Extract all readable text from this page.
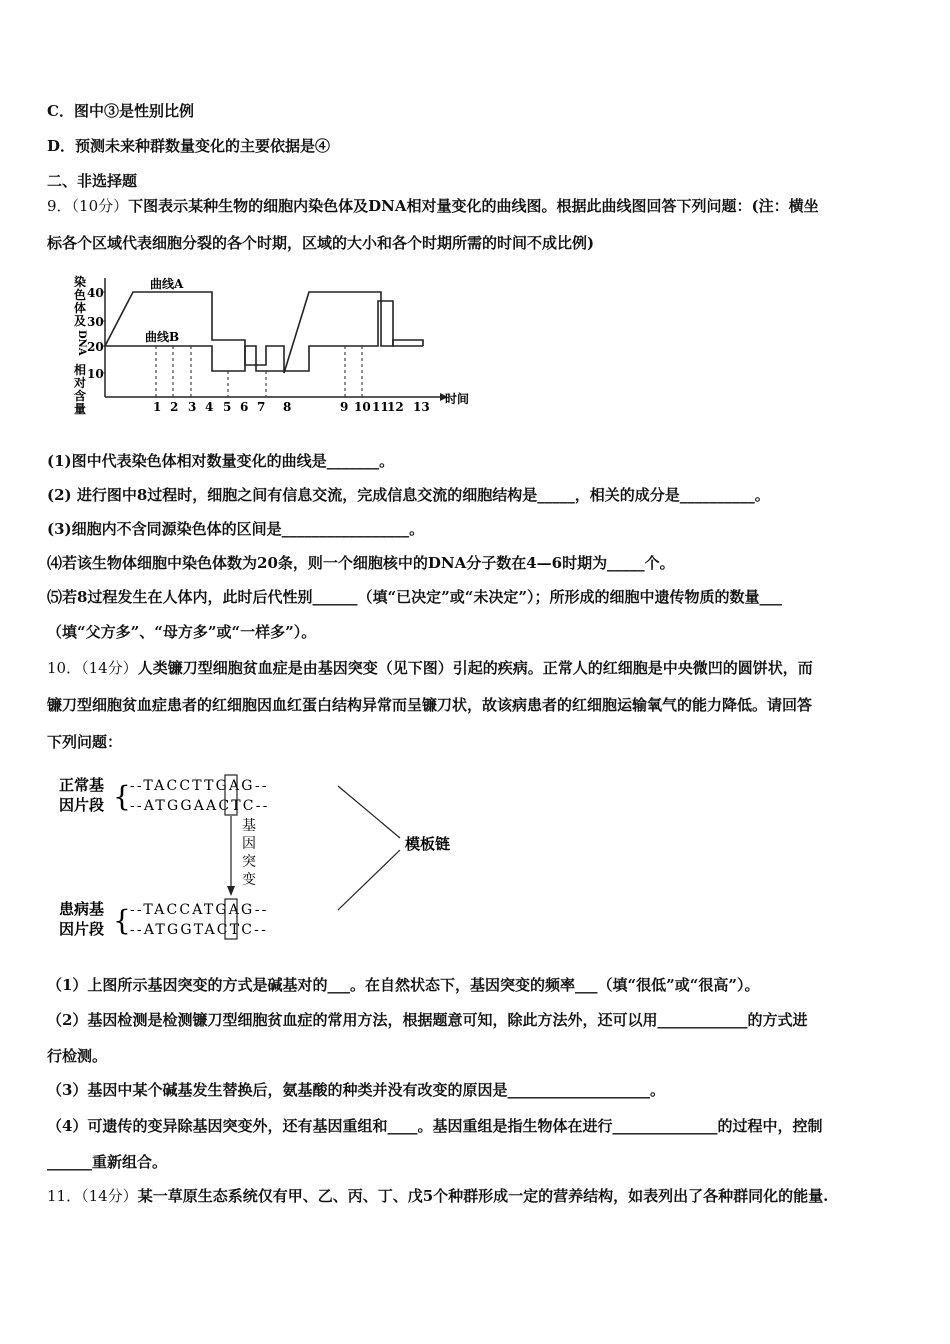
C．图中③是性别比例
D．预测未来种群数量变化的主要依据是④
二、非选择题
9．（10分）下图表示某种生物的细胞内染色体及DNA相对量变化的曲线图。根据此曲线图回答下列问题：(注：横坐
标各个区域代表细胞分裂的各个时期，区域的大小和各个时期所需的时间不成比例)
染
色
体
及
DNA
相
对
含
量
40
30
20
10
曲线A
曲线B
1 2 3 4 5 6 7 8	9 10 11
12 13
时间
(1)图中代表染色体相对数量变化的曲线是_______。
(2) 进行图中8过程时，细胞之间有信息交流，完成信息交流的细胞结构是_____，相关的成分是__________。
(3)细胞内不含同源染色体的区间是_________________。
⑷若该生物体细胞中染色体数为20条，则一个细胞核中的DNA分子数在4—6时期为_____个。
⑸若8过程发生在人体内，此时后代性别______（填“已决定”或“未决定”）；所形成的细胞中遗传物质的数量___
（填“父方多”、“母方多”或“一样多”）。
10．（14分）人类镰刀型细胞贫血症是由基因突变（见下图）引起的疾病。正常人的红细胞是中央微凹的圆饼状，而
镰刀型细胞贫血症患者的红细胞因血红蛋白结构异常而呈镰刀状，故该病患者的红细胞运输氧气的能力降低。请回答
下列问题：
正常基
因片段
患病基
因片段
{
{
--TACCTTGAG--
--ATGGAACTC--
--TACCATGAG--
--ATGGTACTC--
基
因
突
变
模板链
（1）上图所示基因突变的方式是碱基对的___。在自然状态下，基因突变的频率___（填“很低”或“很高”）。
（2）基因检测是检测镰刀型细胞贫血症的常用方法，根据题意可知，除此方法外，还可以用____________的方式进
行检测。
（3）基因中某个碱基发生替换后，氨基酸的种类并没有改变的原因是___________________。
（4）可遗传的变异除基因突变外，还有基因重组和____。基因重组是指生物体在进行______________的过程中，控制
______重新组合。
11．（14分）某一草原生态系统仅有甲、乙、丙、丁、戊5个种群形成一定的营养结构，如表列出了各种群同化的能量.
